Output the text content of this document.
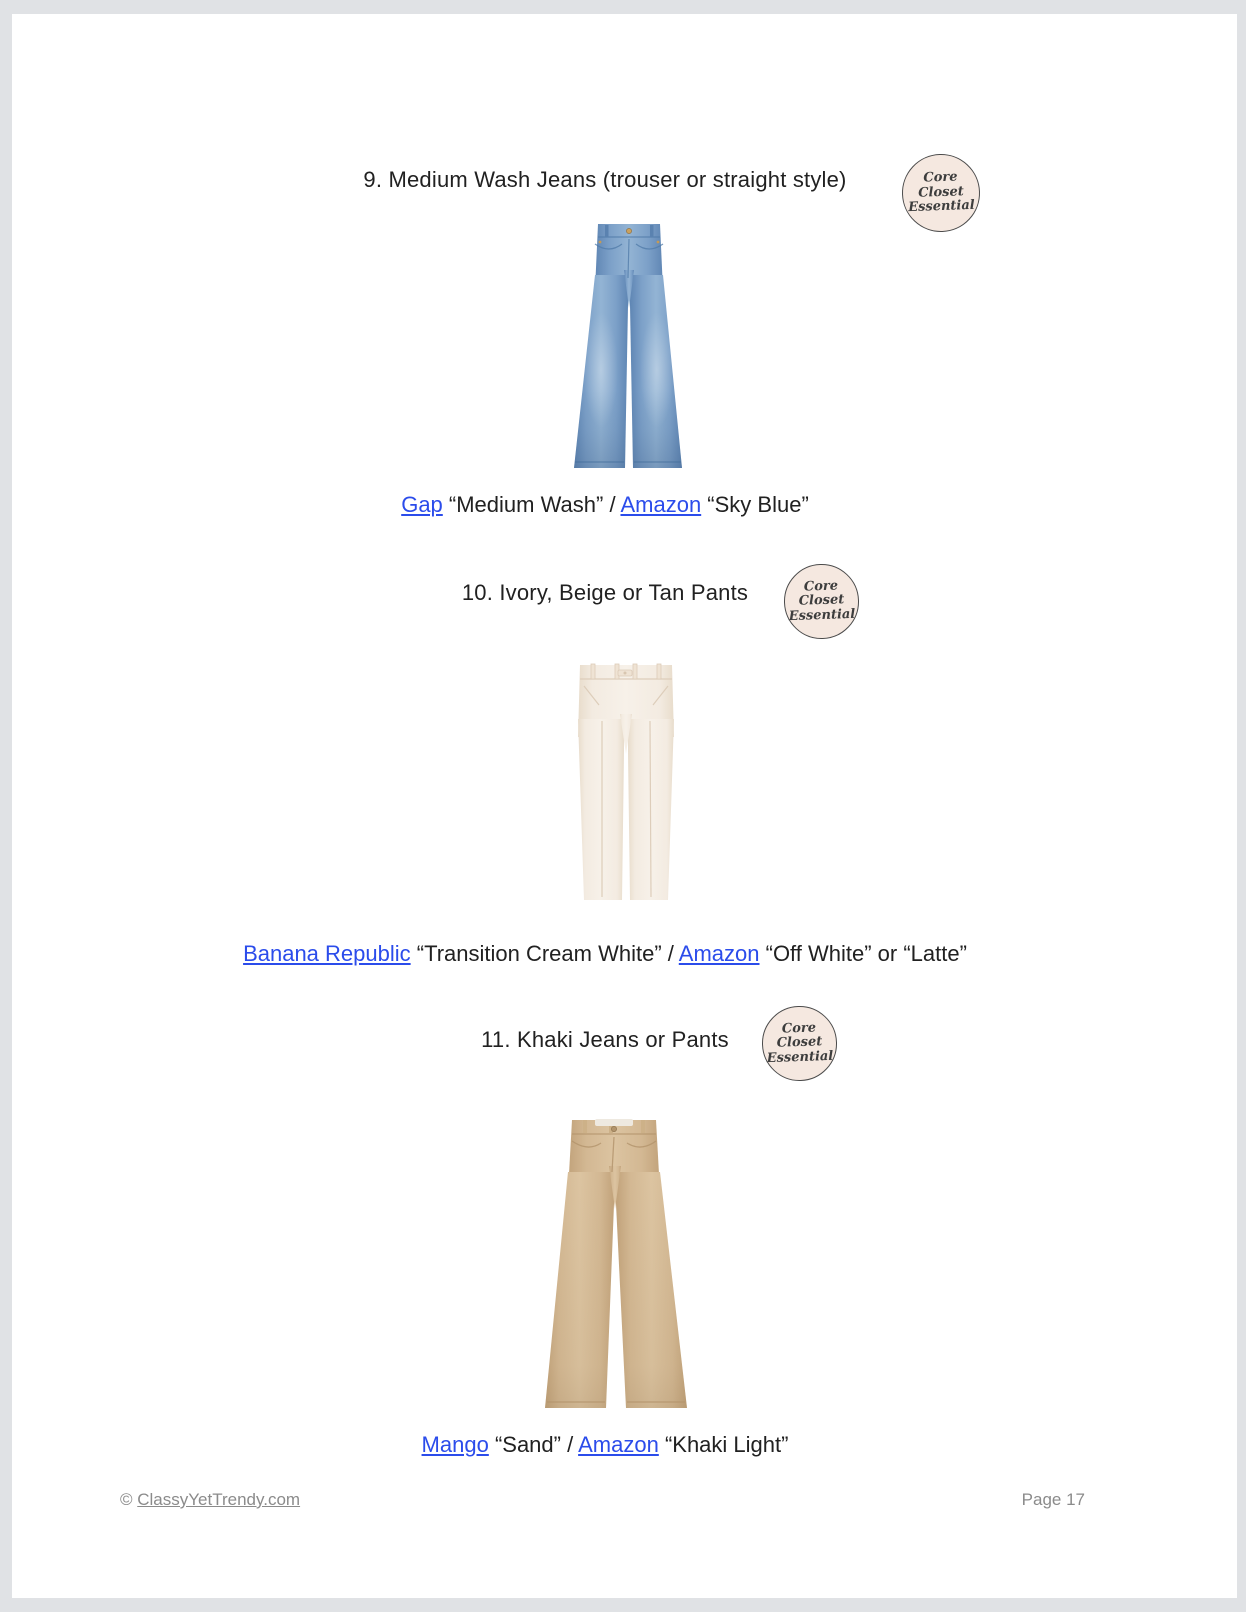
9. Medium Wash Jeans (trouser or straight style)	Core
Closet
Essential
Gap “Medium Wash” / Amazon “Sky Blue”
10. Ivory, Beige or Tan Pants	Core
Closet
Essential
Banana Republic “Transition Cream White” / Amazon “Off White” or “Latte”
11. Khaki Jeans or Pants	Core
Closet
Essential
Mango “Sand” / Amazon “Khaki Light”
© ClassyYetTrendy.com	Page 17
